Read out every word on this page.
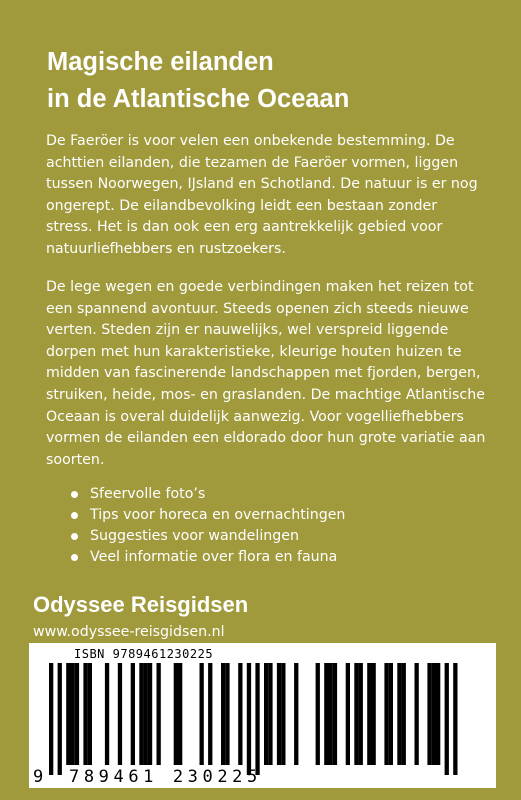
Magische eilanden
in de Atlantische Oceaan

De Faeröer is voor velen een onbekende bestemming. De achttien eilanden, die tezamen de Faeröer vormen, liggen tussen Noorwegen, IJsland en Schotland. De natuur is er nog ongerept. De eilandbevolking leidt een bestaan zonder stress. Het is dan ook een erg aantrekkelijk gebied voor natuurliefhebbers en rustzoekers.

De lege wegen en goede verbindingen maken het reizen tot een spannend avontuur. Steeds openen zich steeds nieuwe verten. Steden zijn er nauwelijks, wel verspreid liggende dorpen met hun karakteristieke, kleurige houten huizen te midden van fascinerende landschappen met fjorden, bergen, struiken, heide, mos- en graslanden. De machtige Atlantische Oceaan is overal duidelijk aanwezig. Voor vogelliefhebbers vormen de eilanden een eldorado door hun grote variatie aan soorten.

Sfeervolle foto’s
Tips voor horeca en overnachtingen
Suggesties voor wandelingen
Veel informatie over flora en fauna
Odyssee Reisgidsen
www.odyssee-reisgidsen.nl
ISBN 9789461230225
9 789461 230225
